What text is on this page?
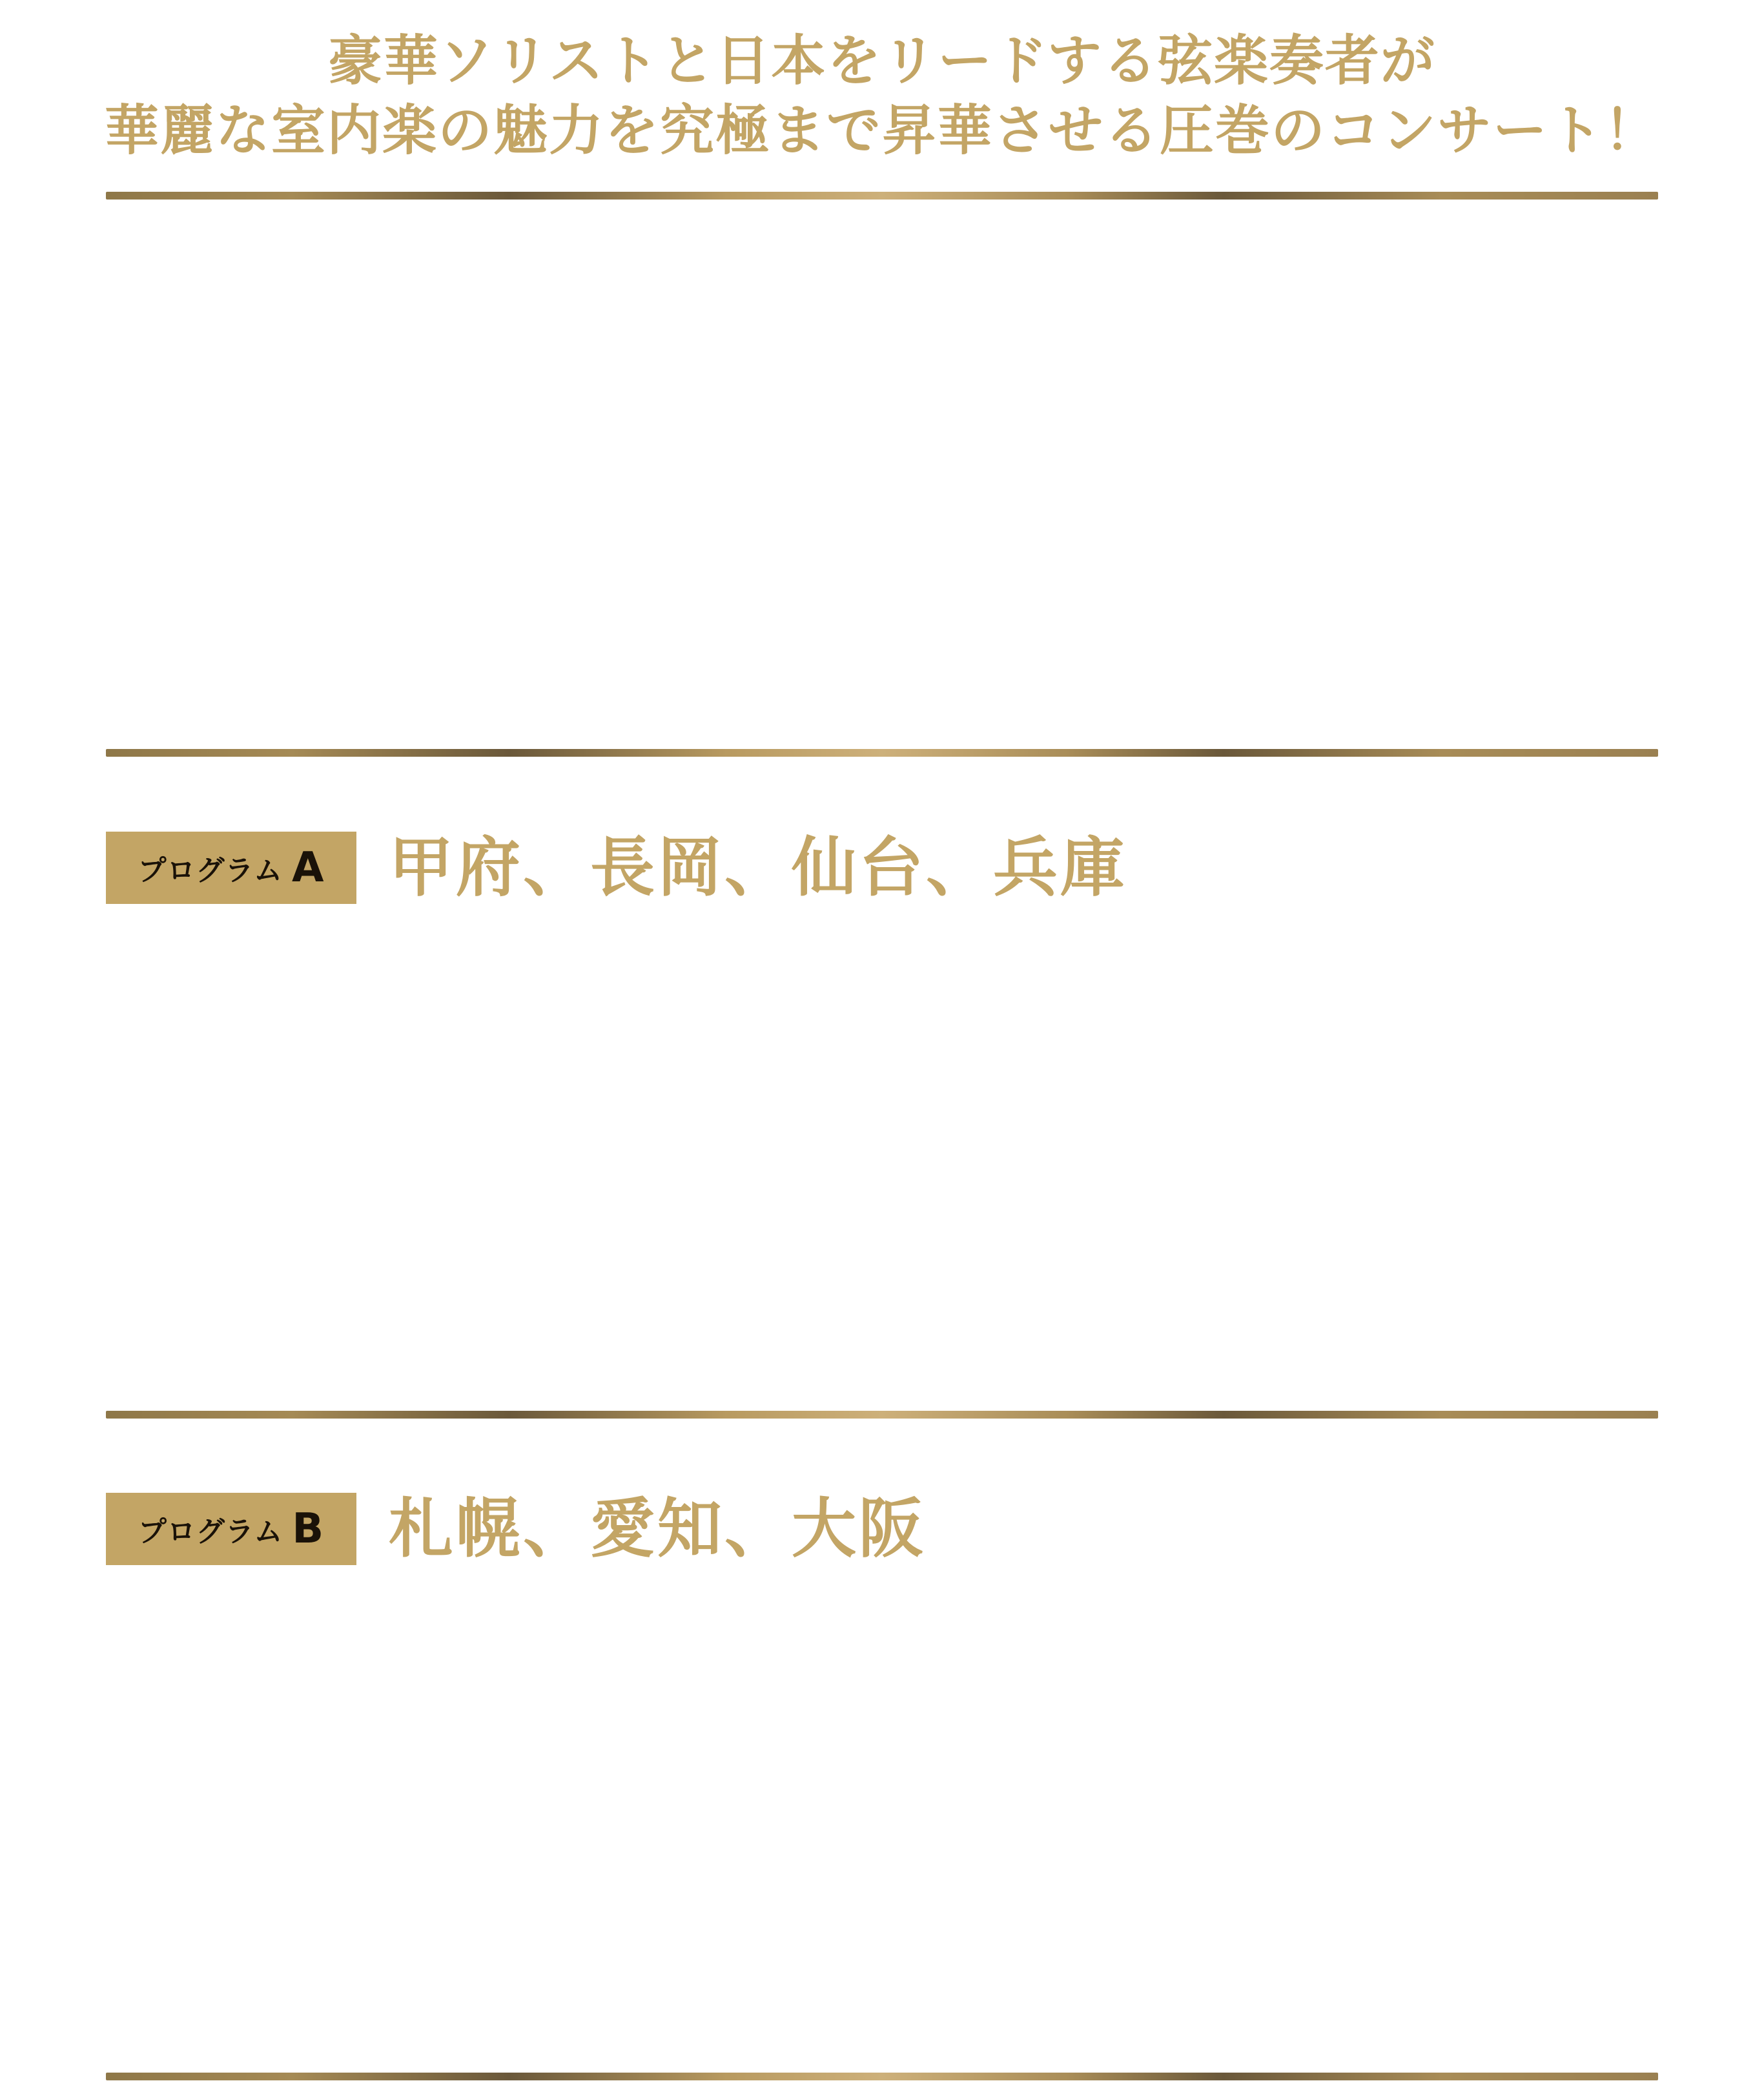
豪華ソリストと日本をリードする弦楽奏者が
華麗な室内楽の魅力を究極まで昇華させる圧巻のコンサート！
プログラム A 甲府、長岡、仙台、兵庫
プログラム B 札幌、愛知、大阪
